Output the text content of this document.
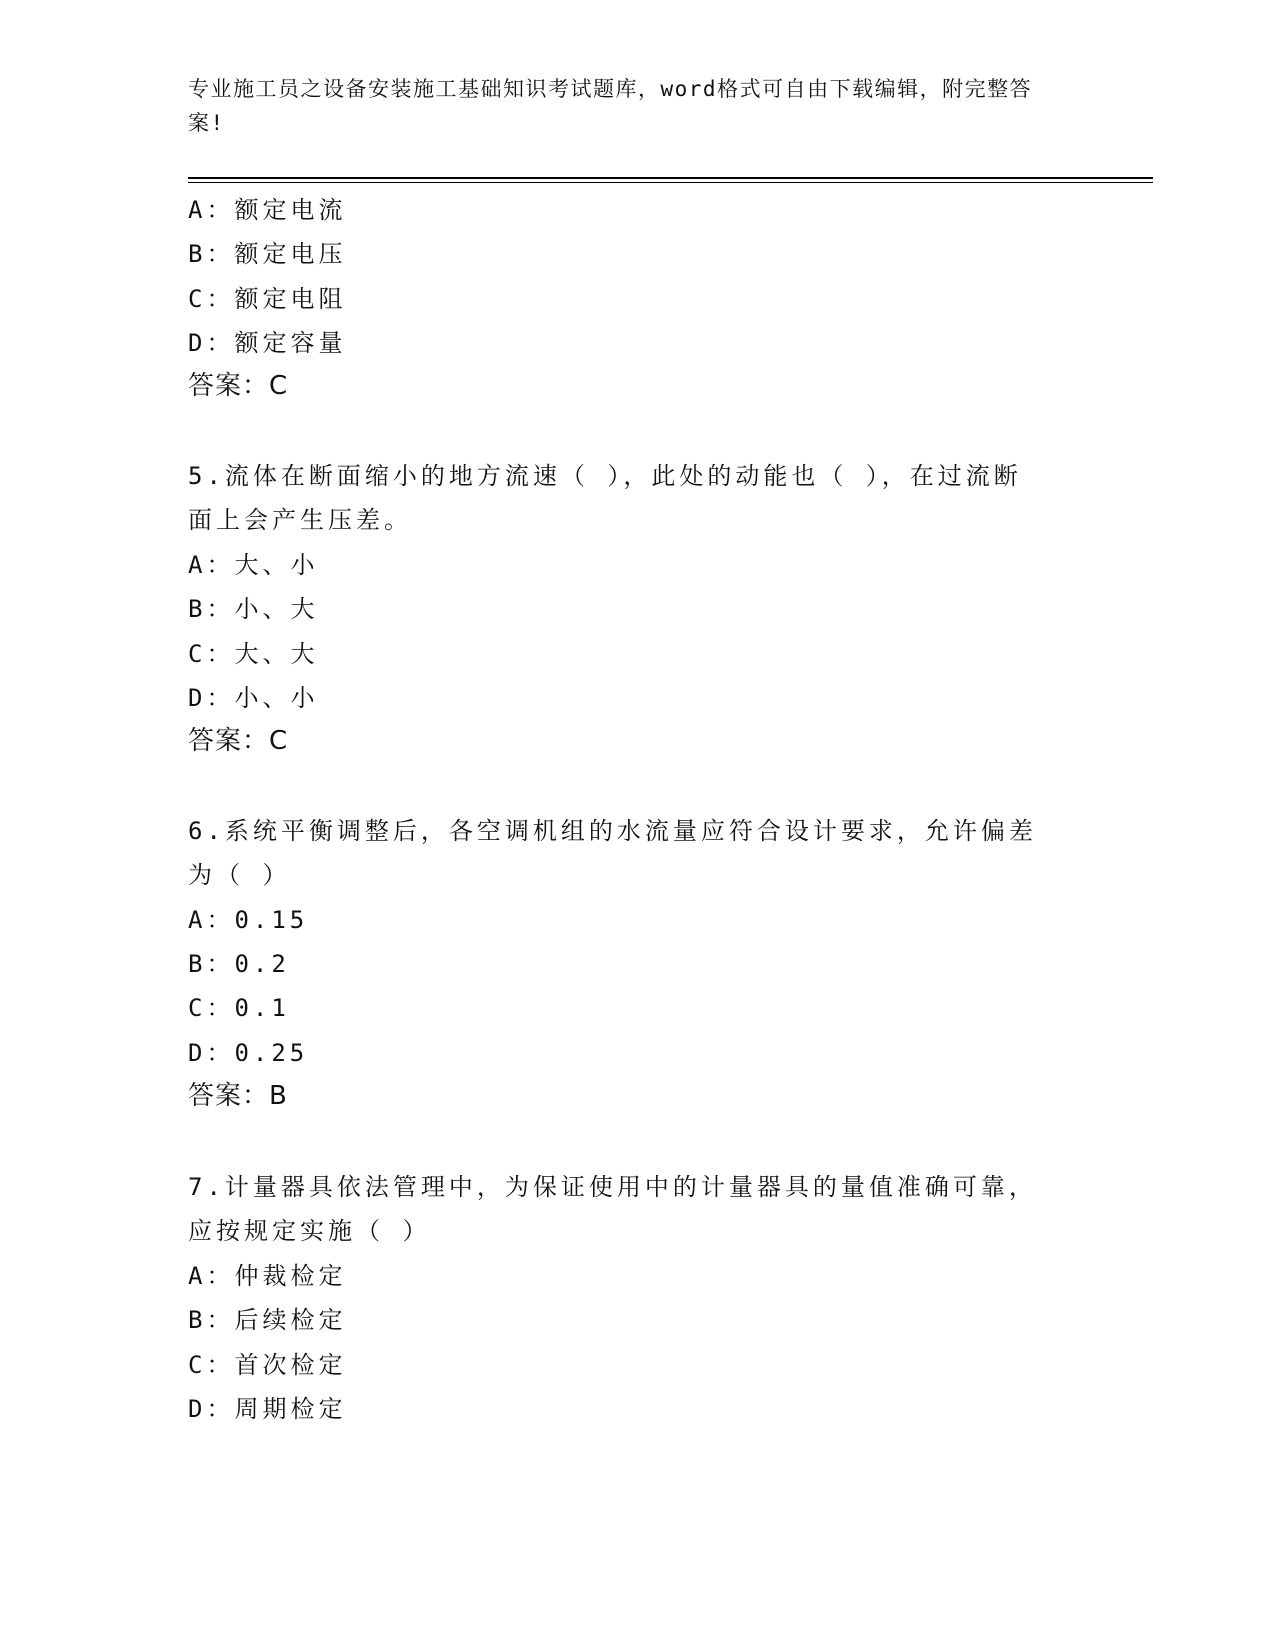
专业施工员之设备安装施工基础知识考试题库，word格式可自由下载编辑，附完整答案!
A：额定电流
B：额定电压
C：额定电阻
D：额定容量
答案：C
5.流体在断面缩小的地方流速（ ），此处的动能也（ ），在过流断
面上会产生压差。
A：大、小
B：小、大
C：大、大
D：小、小
答案：C
6.系统平衡调整后，各空调机组的水流量应符合设计要求，允许偏差
为（ ）
A：0.15
B：0.2
C：0.1
D：0.25
答案：B
7.计量器具依法管理中，为保证使用中的计量器具的量值准确可靠，
应按规定实施（ ）
A：仲裁检定
B：后续检定
C：首次检定
D：周期检定
